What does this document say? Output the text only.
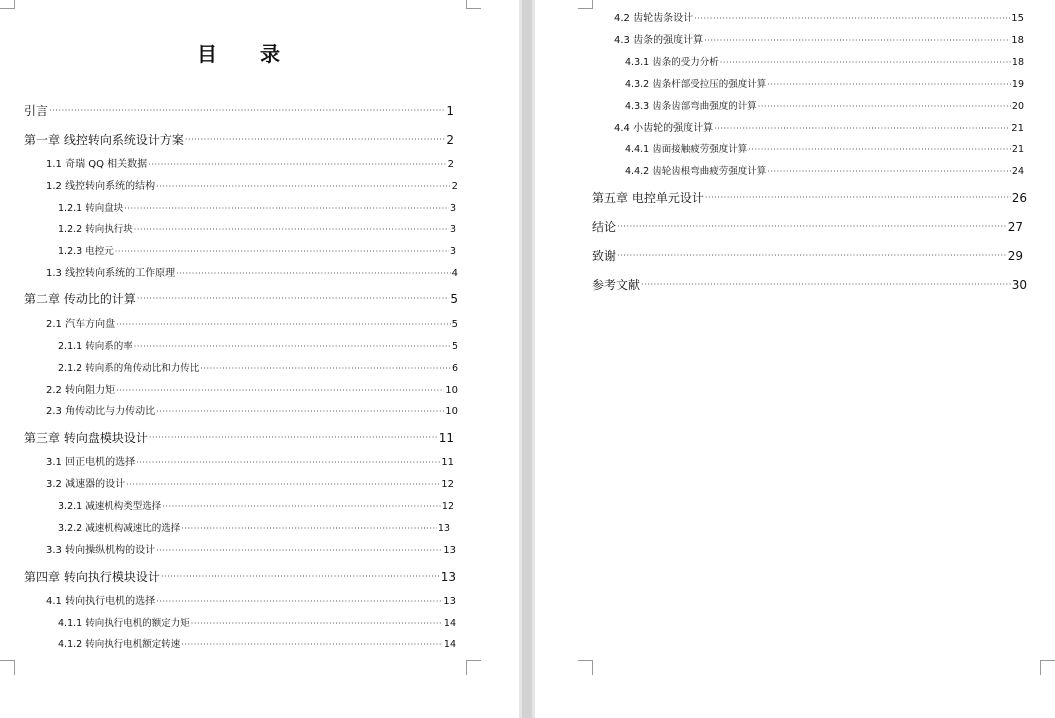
目 录
引言 ·····	1
第一章 线控转向系统设计方案 ·····	2
1.1 奇瑞 QQ 相关数据 ·····	2
1.2 线控转向系统的结构 ·····	2
1.2.1 转向盘块 ·····	3
1.2.2 转向执行块 ·····	3
1.2.3 电控元 ·····	3
1.3 线控转向系统的工作原理 ·····	4
第二章 传动比的计算 ·····	5
2.1 汽车方向盘 ·····	5
2.1.1 转向系的率 ·····	5
2.1.2 转向系的角传动比和力传比 ·····	6
2.2 转向阻力矩 ·····	10
2.3 角传动比与力传动比 ·····	10
第三章 转向盘模块设计 ·····	11
3.1 回正电机的选择 ·····	11
3.2 减速器的设计 ·····	12
3.2.1 减速机构类型选择 ·····	12
3.2.2 减速机构减速比的选择 ·····	13
3.3 转向操纵机构的设计 ·····	13
第四章 转向执行模块设计 ·····	13
4.1 转向执行电机的选择 ·····	13
4.1.1 转向执行电机的额定力矩 ·····	14
4.1.2 转向执行电机额定转速 ·····	14
4.2 齿轮齿条设计 ·····	15
4.3 齿条的强度计算 ·····	18
4.3.1 齿条的受力分析 ·····	18
4.3.2 齿条杆部受拉压的强度计算 ·····	19
4.3.3 齿条齿部弯曲强度的计算 ·····	20
4.4 小齿轮的强度计算 ·····	21
4.4.1 齿面接触疲劳强度计算 ·····	21
4.4.2 齿轮齿根弯曲疲劳强度计算 ·····	24
第五章 电控单元设计 ·····	26
结论 ·····	27
致谢 ·····	29
参考文献 ·····	30
